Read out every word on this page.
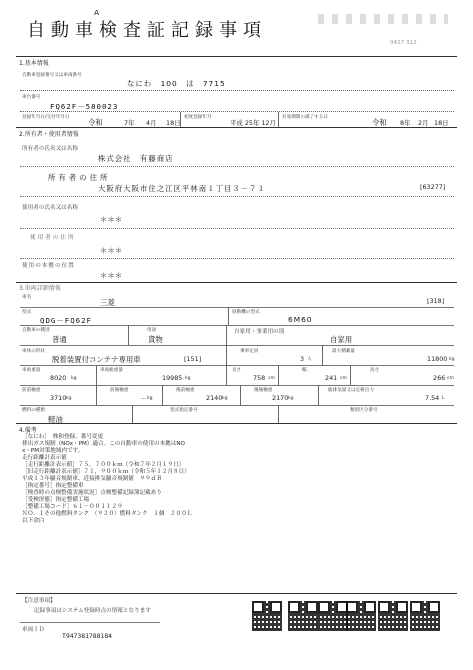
A
自動車検査証記録事項
0427 312
1.基本情報
自動車登録番号又は車両番号
なにわ　100　は　7715
車台番号
FQ62F－580023
登録年月日/交付年月日
令和	7年 4月 18日
初度登録年月
平成 25年 12月
有効期間の満了する日
令和 8年 2月 18日
2.所有者・使用者情報
所有者の氏名又は名称
株式会社　有藤商店
所有者の住所
大阪府大阪市住之江区平林南１丁目３－７１	[63277]
使用者の氏名又は名称
＊＊＊
使用者の住所
＊＊＊
使用の本拠の位置
＊＊＊
3.車両詳細情報
車名
三菱	[318]
型式
QDG－FQ62F
原動機の型式
6M60
自動車の種別
普通
用途
貨物
自家用・事業用の別
自家用
車体の形状
脱着装置付コンテナ専用車	[151]
乗車定員
3 人
最大積載量
11800 kg
車両重量
8020 kg
車両総重量
19985 kg
長さ
758 cm
幅
241 cm
高さ
266 cm
前前軸重
3710 kg
前後軸重
－ kg
後前軸重
2140 kg
後後軸重
2170 kg
総排気量又は定格出力
7.54 L
燃料の種類
軽油
型式指定番号	類別区分番号
4.備考
［なにわ］　株和登録、番号変更
排出ガス規制（NOx・PM）適合。この自動車の使用の本拠はNO
x・PM対策地域内です。
走行距離計表示値
［走行距離計表示値］７５，７００ｋｍ（令和７年２月１９日）
［旧走行距離計表示値］７１，９００ｋｍ（令和５年１２月８日）
平成１３年騒音規制車、近接排気騒音規制値　９９ｄＢ
［指定番号］指定整備車
［検査時の点検整備実施状況］点検整備記録簿記載あり
［受検形態］指定整備工場
［整備工場コード］６１－００１１２９
ＮＯ．１その他燃料タンク　（９２０）燃料タンク　１個　２００Ｌ
以下余白
【注意事項】
記録事項はシステム登録時点の情報となります
車両ＩＤ
T947381788184
